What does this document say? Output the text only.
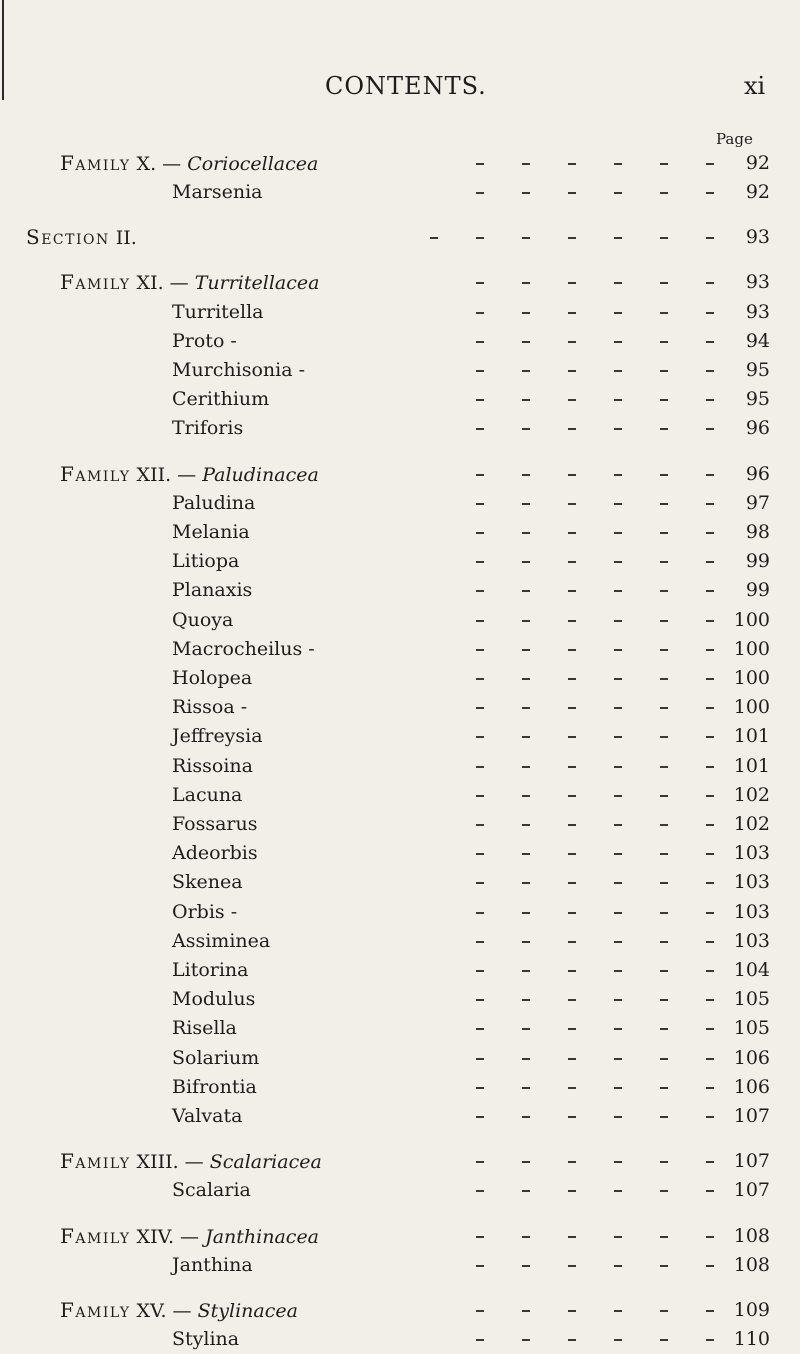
CONTENTS.	xi
Page
Family X. — Coriocellacea	92
Marsenia	92
Section II.	93
Family XI. — Turritellacea	93
Turritella	93
Proto -	94
Murchisonia -	95
Cerithium	95
Triforis	96
Family XII. — Paludinacea	96
Paludina	97
Melania	98
Litiopa	99
Planaxis	99
Quoya	100
Macrocheilus -	100
Holopea	100
Rissoa -	100
Jeffreysia	101
Rissoina	101
Lacuna	102
Fossarus	102
Adeorbis	103
Skenea	103
Orbis -	103
Assiminea	103
Litorina	104
Modulus	105
Risella	105
Solarium	106
Bifrontia	106
Valvata	107
Family XIII. — Scalariacea	107
Scalaria	107
Family XIV. — Janthinacea	108
Janthina	108
Family XV. — Stylinacea	109
Stylina	110
